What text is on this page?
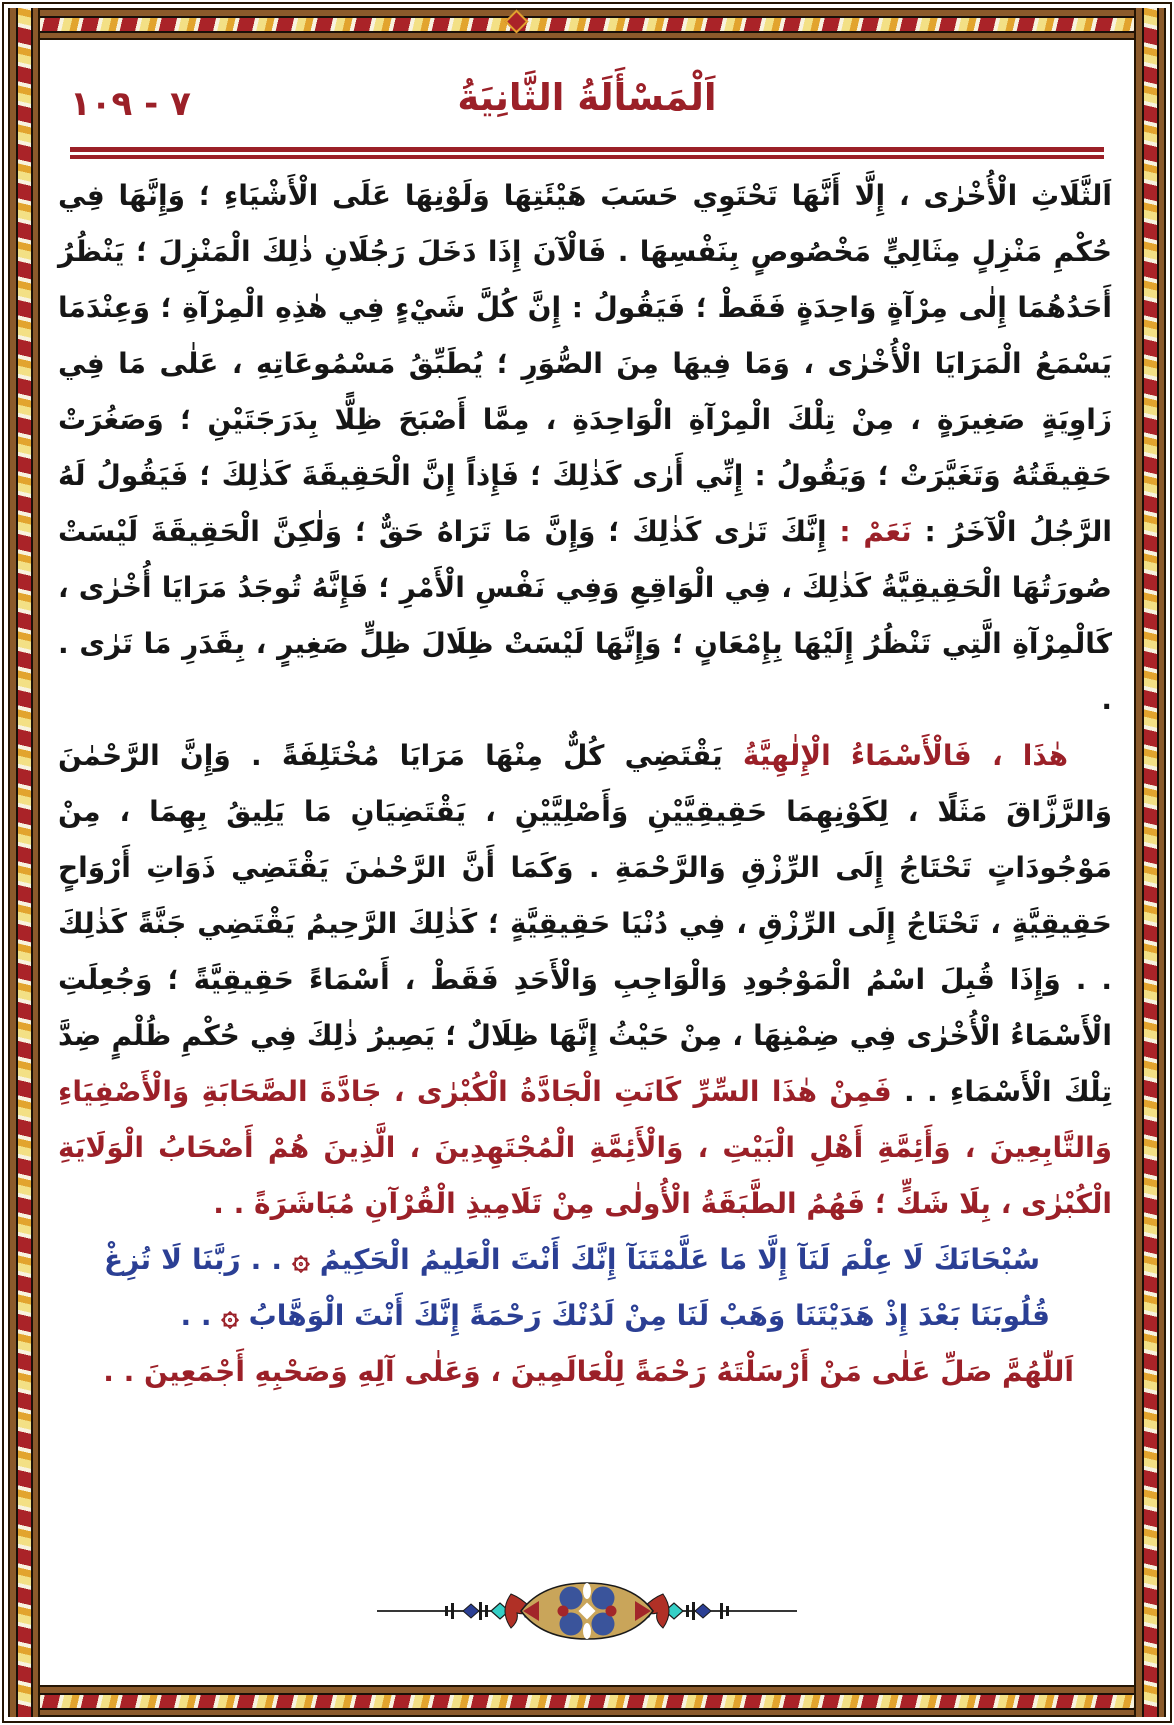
٧ - ١٠٩	اَلْمَسْأَلَةُ الثَّانِيَةُ

اَلثَّلَاثِ الْأُخْرٰى ، إِلَّا أَنَّهَا تَحْتَوِي حَسَبَ هَيْئَتِهَا وَلَوْنِهَا عَلَى الْأَشْيَاءِ ؛ وَإِنَّهَا فِي حُكْمِ مَنْزِلٍ مِثَالِيٍّ مَخْصُوصٍ بِنَفْسِهَا . فَالْآنَ إِذَا دَخَلَ رَجُلَانِ ذٰلِكَ الْمَنْزِلَ ؛ يَنْظُرُ أَحَدُهُمَا إِلٰى مِرْآةٍ وَاحِدَةٍ فَقَطْ ؛ فَيَقُولُ : إِنَّ كُلَّ شَيْءٍ فِي هٰذِهِ الْمِرْآةِ ؛ وَعِنْدَمَا يَسْمَعُ الْمَرَايَا الْأُخْرٰى ، وَمَا فِيهَا مِنَ الصُّوَرِ ؛ يُطَبِّقُ مَسْمُوعَاتِهِ ، عَلٰى مَا فِي زَاوِيَةٍ صَغِيرَةٍ ، مِنْ تِلْكَ الْمِرْآةِ الْوَاحِدَةِ ، مِمَّا أَصْبَحَ ظِلًّا بِدَرَجَتَيْنِ ؛ وَصَغُرَتْ حَقِيقَتُهُ وَتَغَيَّرَتْ ؛ وَيَقُولُ : إِنِّي أَرٰى كَذٰلِكَ ؛ فَإِذاً إِنَّ الْحَقِيقَةَ كَذٰلِكَ ؛ فَيَقُولُ لَهُ الرَّجُلُ الْآخَرُ : نَعَمْ : إِنَّكَ تَرٰى كَذٰلِكَ ؛ وَإِنَّ مَا تَرَاهُ حَقٌّ ؛ وَلٰكِنَّ الْحَقِيقَةَ لَيْسَتْ صُورَتُهَا الْحَقِيقِيَّةُ كَذٰلِكَ ، فِي الْوَاقِعِ وَفِي نَفْسِ الْأَمْرِ ؛ فَإِنَّهُ تُوجَدُ مَرَايَا أُخْرٰى ، كَالْمِرْآةِ الَّتِي تَنْظُرُ إِلَيْهَا بِإِمْعَانٍ ؛ وَإِنَّهَا لَيْسَتْ ظِلَالَ ظِلٍّ صَغِيرٍ ، بِقَدَرِ مَا تَرٰى . .

هٰذَا ، فَالْأَسْمَاءُ الْإِلٰهِيَّةُ يَقْتَضِي كُلٌّ مِنْهَا مَرَايَا مُخْتَلِفَةً . وَإِنَّ الرَّحْمٰنَ وَالرَّزَّاقَ مَثَلًا ، لِكَوْنِهِمَا حَقِيقِيَّيْنِ وَأَصْلِيَّيْنِ ، يَقْتَضِيَانِ مَا يَلِيقُ بِهِمَا ، مِنْ مَوْجُودَاتٍ تَحْتَاجُ إِلَى الرِّزْقِ وَالرَّحْمَةِ . وَكَمَا أَنَّ الرَّحْمٰنَ يَقْتَضِي ذَوَاتِ أَرْوَاحٍ حَقِيقِيَّةٍ ، تَحْتَاجُ إِلَى الرِّزْقِ ، فِي دُنْيَا حَقِيقِيَّةٍ ؛ كَذٰلِكَ الرَّحِيمُ يَقْتَضِي جَنَّةً كَذٰلِكَ . . وَإِذَا قُبِلَ اسْمُ الْمَوْجُودِ وَالْوَاجِبِ وَالْأَحَدِ فَقَطْ ، أَسْمَاءً حَقِيقِيَّةً ؛ وَجُعِلَتِ الْأَسْمَاءُ الْأُخْرٰى فِي ضِمْنِهَا ، مِنْ حَيْثُ إِنَّهَا ظِلَالٌ ؛ يَصِيرُ ذٰلِكَ فِي حُكْمِ ظُلْمٍ ضِدَّ تِلْكَ الْأَسْمَاءِ . . فَمِنْ هٰذَا السِّرِّ كَانَتِ الْجَادَّةُ الْكُبْرٰى ، جَادَّةَ الصَّحَابَةِ وَالْأَصْفِيَاءِ وَالتَّابِعِينَ ، وَأَئِمَّةِ أَهْلِ الْبَيْتِ ، وَالْأَئِمَّةِ الْمُجْتَهِدِينَ ، الَّذِينَ هُمْ أَصْحَابُ الْوَلَايَةِ الْكُبْرٰى ، بِلَا شَكٍّ ؛ فَهُمُ الطَّبَقَةُ الْأُولٰى مِنْ تَلَامِيذِ الْقُرْآنِ مُبَاشَرَةً . .

سُبْحَانَكَ لَا عِلْمَ لَنَآ إِلَّا مَا عَلَّمْتَنَآ إِنَّكَ أَنْتَ الْعَلِيمُ الْحَكِيمُ ۞ . . رَبَّنَا لَا تُزِغْ قُلُوبَنَا بَعْدَ إِذْ هَدَيْتَنَا وَهَبْ لَنَا مِنْ لَدُنْكَ رَحْمَةً إِنَّكَ أَنْتَ الْوَهَّابُ ۞ . .

اَللّٰهُمَّ صَلِّ عَلٰى مَنْ أَرْسَلْتَهُ رَحْمَةً لِلْعَالَمِينَ ، وَعَلٰى آلِهِ وَصَحْبِهِ أَجْمَعِينَ . .
